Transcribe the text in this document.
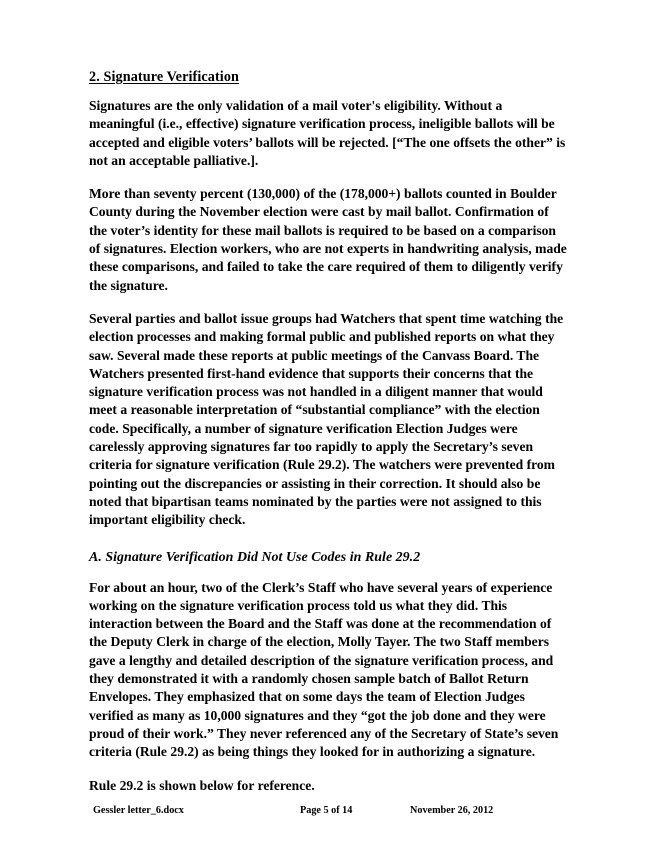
2. Signature Verification

Signatures are the only validation of a mail voter's eligibility. Without a meaningful (i.e., effective) signature verification process, ineligible ballots will be accepted and eligible voters’ ballots will be rejected. [“The one offsets the other” is not an acceptable palliative.].

More than seventy percent (130,000) of the (178,000+) ballots counted in Boulder County during the November election were cast by mail ballot. Confirmation of the voter’s identity for these mail ballots is required to be based on a comparison of signatures. Election workers, who are not experts in handwriting analysis, made these comparisons, and failed to take the care required of them to diligently verify the signature.

Several parties and ballot issue groups had Watchers that spent time watching the election processes and making formal public and published reports on what they saw. Several made these reports at public meetings of the Canvass Board. The Watchers presented first-hand evidence that supports their concerns that the signature verification process was not handled in a diligent manner that would meet a reasonable interpretation of “substantial compliance” with the election code. Specifically, a number of signature verification Election Judges were carelessly approving signatures far too rapidly to apply the Secretary’s seven criteria for signature verification (Rule 29.2). The watchers were prevented from pointing out the discrepancies or assisting in their correction. It should also be noted that bipartisan teams nominated by the parties were not assigned to this important eligibility check.

A. Signature Verification Did Not Use Codes in Rule 29.2

For about an hour, two of the Clerk’s Staff who have several years of experience working on the signature verification process told us what they did. This interaction between the Board and the Staff was done at the recommendation of the Deputy Clerk in charge of the election, Molly Tayer. The two Staff members gave a lengthy and detailed description of the signature verification process, and they demonstrated it with a randomly chosen sample batch of Ballot Return Envelopes. They emphasized that on some days the team of Election Judges verified as many as 10,000 signatures and they “got the job done and they were proud of their work.” They never referenced any of the Secretary of State’s seven criteria (Rule 29.2) as being things they looked for in authorizing a signature.

Rule 29.2 is shown below for reference.

Gessler letter_6.docx	Page 5 of 14	November 26, 2012
